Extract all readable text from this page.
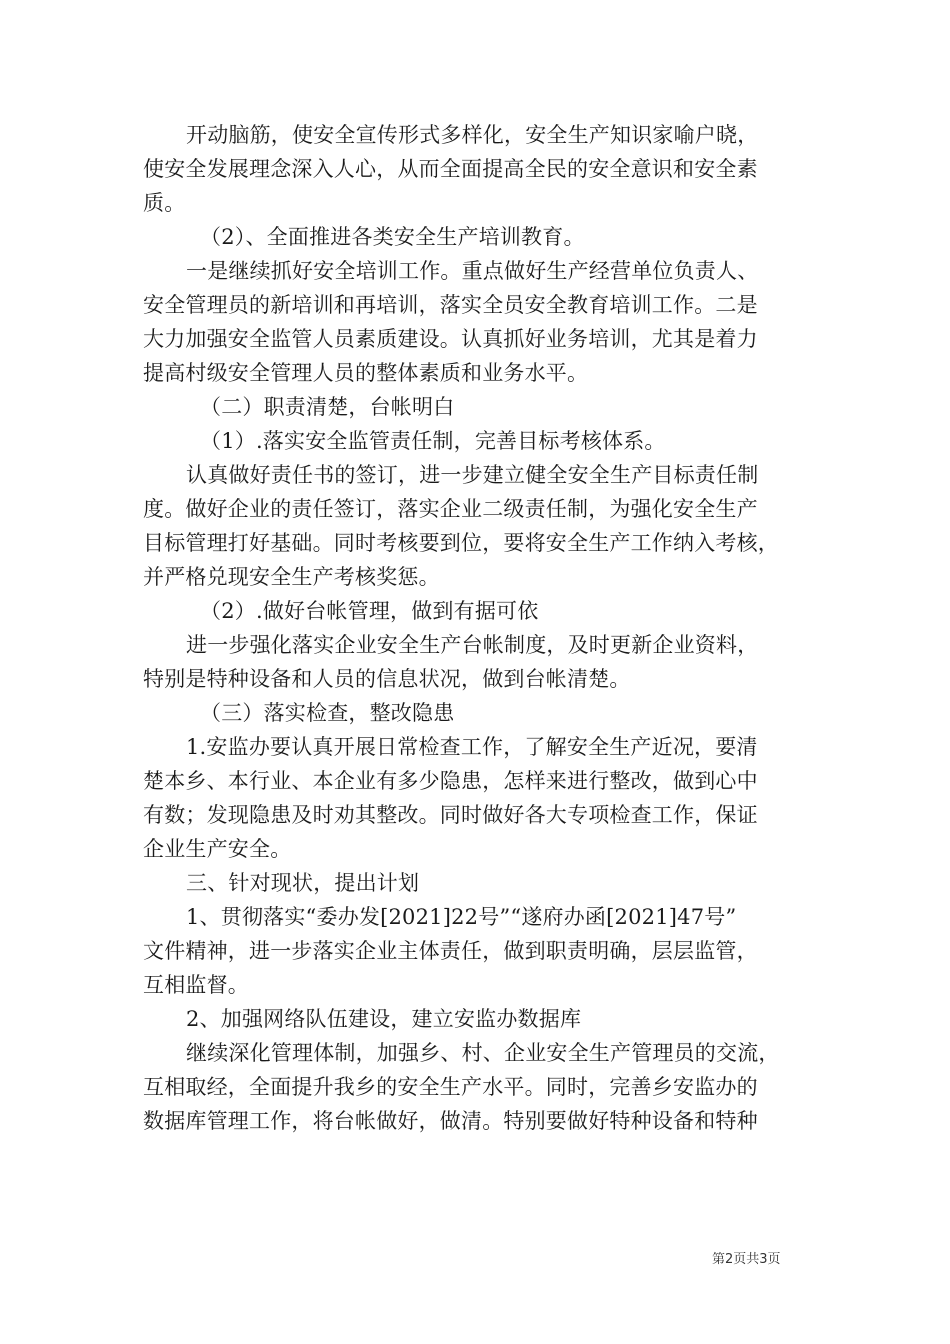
开动脑筋，使安全宣传形式多样化，安全生产知识家喻户晓，
使安全发展理念深入人心，从而全面提高全民的安全意识和安全素
质。
（2）、全面推进各类安全生产培训教育。
一是继续抓好安全培训工作。重点做好生产经营单位负责人、
安全管理员的新培训和再培训，落实全员安全教育培训工作。二是
大力加强安全监管人员素质建设。认真抓好业务培训，尤其是着力
提高村级安全管理人员的整体素质和业务水平。
（二）职责清楚，台帐明白
（1）.落实安全监管责任制，完善目标考核体系。
认真做好责任书的签订，进一步建立健全安全生产目标责任制
度。做好企业的责任签订，落实企业二级责任制，为强化安全生产
目标管理打好基础。同时考核要到位，要将安全生产工作纳入考核，
并严格兑现安全生产考核奖惩。
（2）.做好台帐管理，做到有据可依
进一步强化落实企业安全生产台帐制度，及时更新企业资料，
特别是特种设备和人员的信息状况，做到台帐清楚。
（三）落实检查，整改隐患
1.安监办要认真开展日常检查工作，了解安全生产近况，要清
楚本乡、本行业、本企业有多少隐患，怎样来进行整改，做到心中
有数；发现隐患及时劝其整改。同时做好各大专项检查工作，保证
企业生产安全。
三、针对现状，提出计划
1、贯彻落实“委办发[2021]22号”“遂府办函[2021]47号”
文件精神，进一步落实企业主体责任，做到职责明确，层层监管，
互相监督。
2、加强网络队伍建设，建立安监办数据库
继续深化管理体制，加强乡、村、企业安全生产管理员的交流，
互相取经，全面提升我乡的安全生产水平。同时，完善乡安监办的
数据库管理工作，将台帐做好，做清。特别要做好特种设备和特种
第2页共3页
